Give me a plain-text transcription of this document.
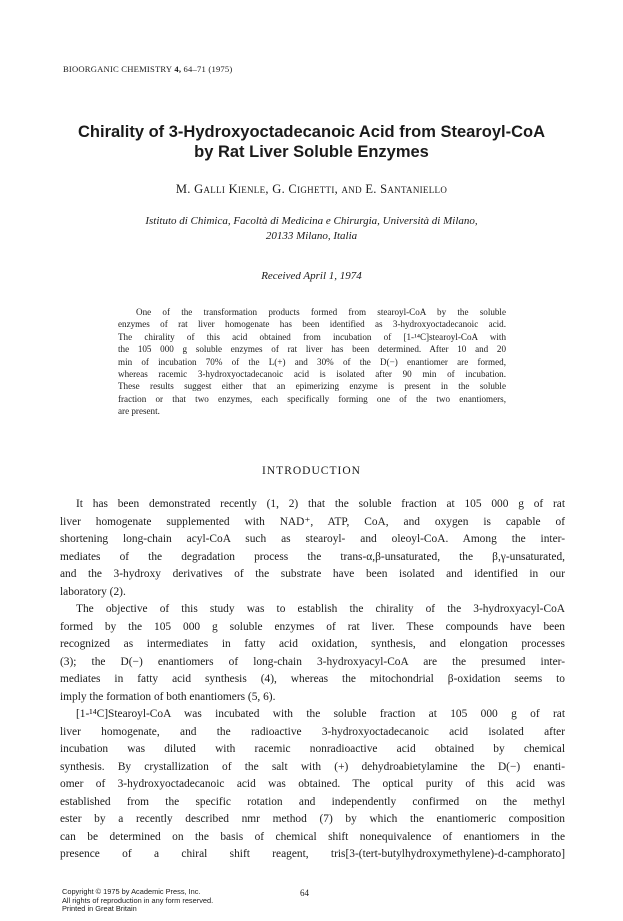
BIOORGANIC CHEMISTRY 4, 64–71 (1975)
Chirality of 3-Hydroxyoctadecanoic Acid from Stearoyl-CoA
by Rat Liver Soluble Enzymes
M. Galli Kienle, G. Cighetti, and E. Santaniello
Istituto di Chimica, Facoltà di Medicina e Chirurgia, Università di Milano,
20133 Milano, Italia
Received April 1, 1974
One of the transformation products formed from stearoyl-CoA by the soluble
enzymes of rat liver homogenate has been identified as 3-hydroxyoctadecanoic acid.
The chirality of this acid obtained from incubation of [1-¹⁴C]stearoyl-CoA with
the 105 000 g soluble enzymes of rat liver has been determined. After 10 and 20
min of incubation 70% of the L(+) and 30% of the D(−) enantiomer are formed,
whereas racemic 3-hydroxyoctadecanoic acid is isolated after 90 min of incubation.
These results suggest either that an epimerizing enzyme is present in the soluble
fraction or that two enzymes, each specifically forming one of the two enantiomers,
are present.
INTRODUCTION
It has been demonstrated recently (1, 2) that the soluble fraction at 105 000 g of rat
liver homogenate supplemented with NAD⁺, ATP, CoA, and oxygen is capable of
shortening long-chain acyl-CoA such as stearoyl- and oleoyl-CoA. Among the inter-
mediates of the degradation process the trans-α,β-unsaturated, the β,γ-unsaturated,
and the 3-hydroxy derivatives of the substrate have been isolated and identified in our
laboratory (2).
The objective of this study was to establish the chirality of the 3-hydroxyacyl-CoA
formed by the 105 000 g soluble enzymes of rat liver. These compounds have been
recognized as intermediates in fatty acid oxidation, synthesis, and elongation processes
(3); the D(−) enantiomers of long-chain 3-hydroxyacyl-CoA are the presumed inter-
mediates in fatty acid synthesis (4), whereas the mitochondrial β-oxidation seems to
imply the formation of both enantiomers (5, 6).
[1-¹⁴C]Stearoyl-CoA was incubated with the soluble fraction at 105 000 g of rat
liver homogenate, and the radioactive 3-hydroxyoctadecanoic acid isolated after
incubation was diluted with racemic nonradioactive acid obtained by chemical
synthesis. By crystallization of the salt with (+) dehydroabietylamine the D(−) enanti-
omer of 3-hydroxyoctadecanoic acid was obtained. The optical purity of this acid was
established from the specific rotation and independently confirmed on the methyl
ester by a recently described nmr method (7) by which the enantiomeric composition
can be determined on the basis of chemical shift nonequivalence of enantiomers in the
presence of a chiral shift reagent, tris[3-(tert-butylhydroxymethylene)-d-camphorato]
Copyright © 1975 by Academic Press, Inc.
All rights of reproduction in any form reserved.
Printed in Great Britain
64
